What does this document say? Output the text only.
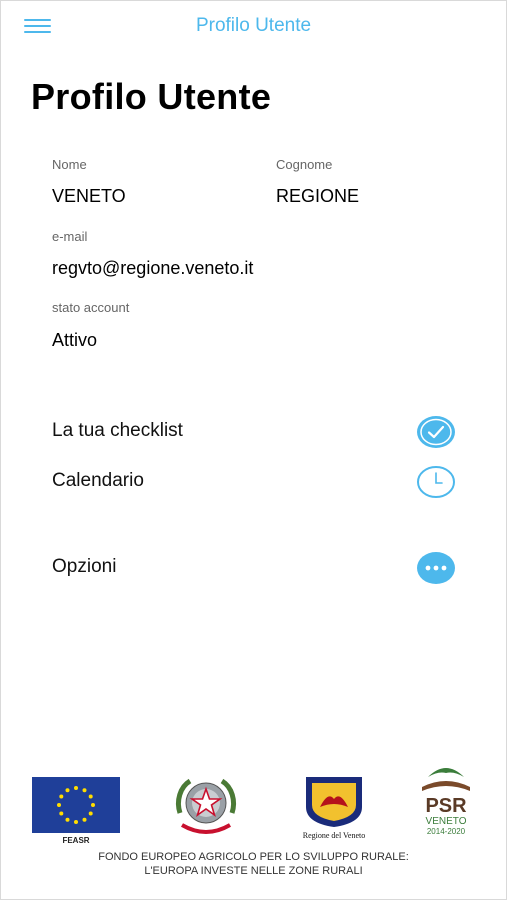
Profilo Utente
Profilo Utente
Nome
VENETO
Cognome
REGIONE
e-mail
regvto@regione.veneto.it
stato account
Attivo
La tua checklist
Calendario
Opzioni
FEASR
Regione del Veneto
PSR
VENETO
2014-2020
FONDO EUROPEO AGRICOLO PER LO SVILUPPO RURALE:
L'EUROPA INVESTE NELLE ZONE RURALI
